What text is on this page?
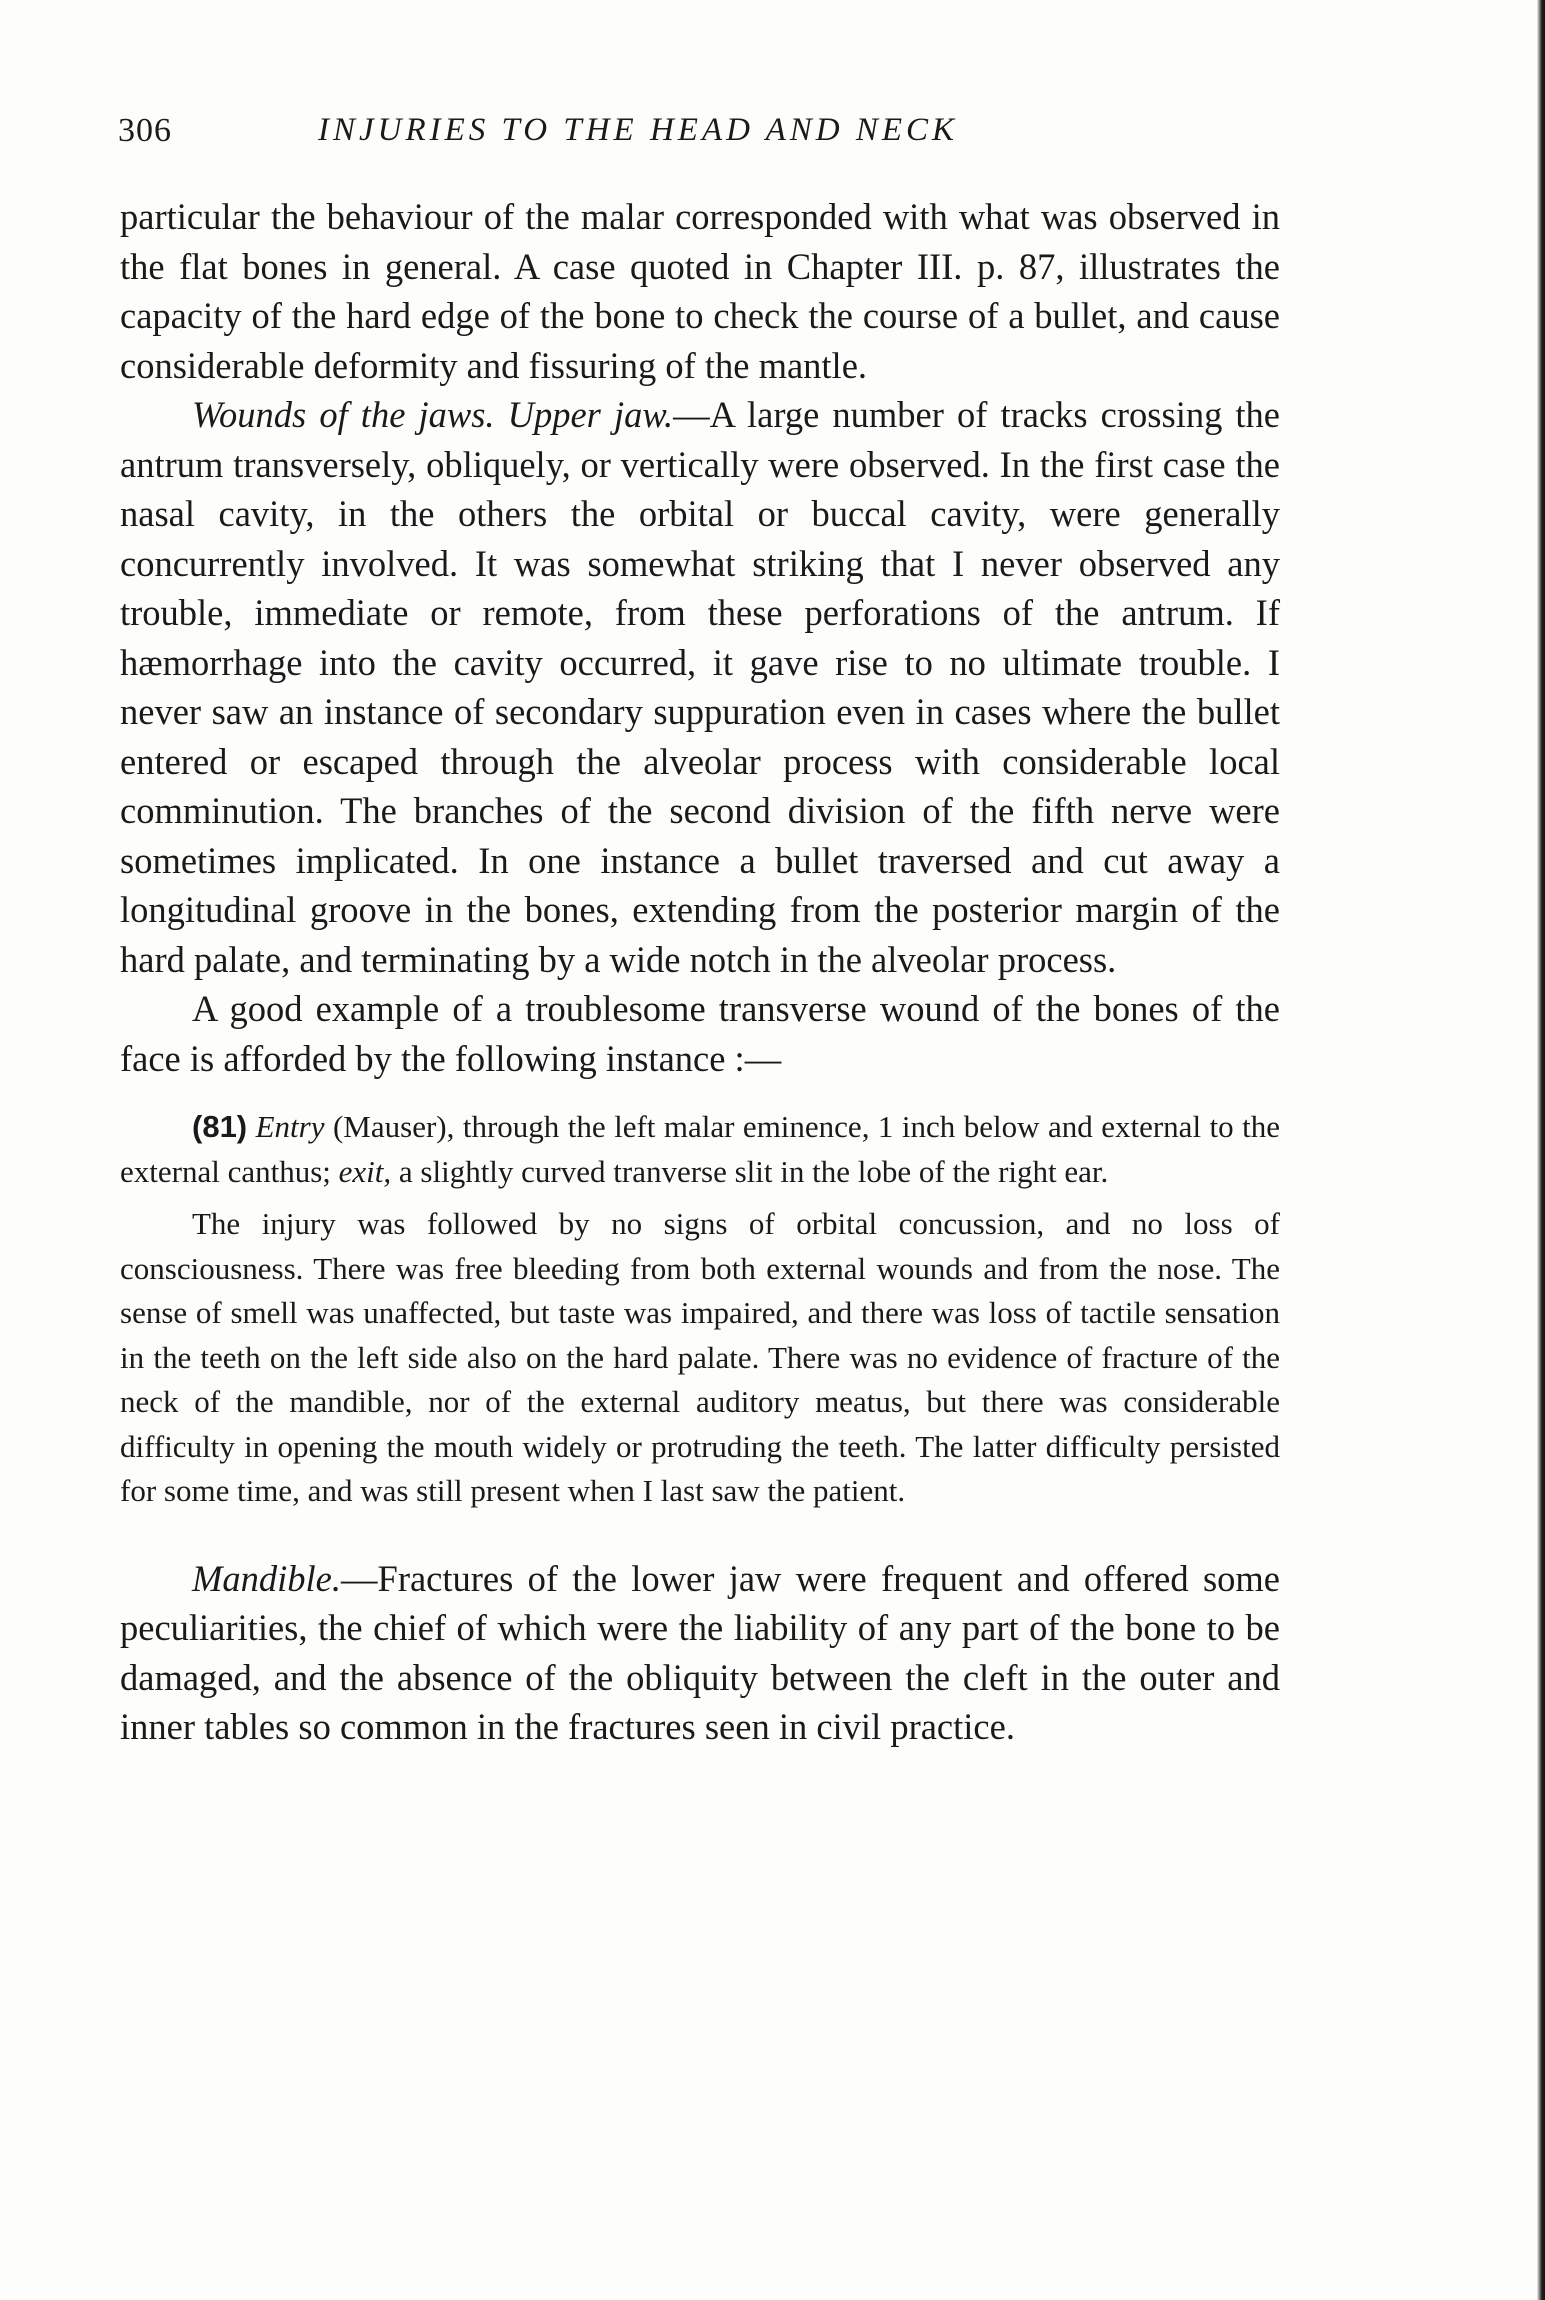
306	INJURIES TO THE HEAD AND NECK

particular the behaviour of the malar corresponded with what was observed in the flat bones in general. A case quoted in Chapter III. p. 87, illustrates the capacity of the hard edge of the bone to check the course of a bullet, and cause considerable deformity and fissuring of the mantle.

Wounds of the jaws. Upper jaw.—A large number of tracks crossing the antrum transversely, obliquely, or vertically were observed. In the first case the nasal cavity, in the others the orbital or buccal cavity, were generally concurrently involved. It was somewhat striking that I never observed any trouble, immediate or remote, from these perforations of the antrum. If hæmorrhage into the cavity occurred, it gave rise to no ultimate trouble. I never saw an instance of secondary suppuration even in cases where the bullet entered or escaped through the alveolar process with considerable local comminution. The branches of the second division of the fifth nerve were sometimes implicated. In one instance a bullet traversed and cut away a longitudinal groove in the bones, extending from the posterior margin of the hard palate, and terminating by a wide notch in the alveolar process.

A good example of a troublesome transverse wound of the bones of the face is afforded by the following instance :—

(81) Entry (Mauser), through the left malar eminence, 1 inch below and external to the external canthus; exit, a slightly curved tranverse slit in the lobe of the right ear.

The injury was followed by no signs of orbital concussion, and no loss of consciousness. There was free bleeding from both external wounds and from the nose. The sense of smell was unaffected, but taste was impaired, and there was loss of tactile sensation in the teeth on the left side also on the hard palate. There was no evidence of fracture of the neck of the mandible, nor of the external auditory meatus, but there was considerable difficulty in opening the mouth widely or protruding the teeth. The latter difficulty persisted for some time, and was still present when I last saw the patient.

Mandible.—Fractures of the lower jaw were frequent and offered some peculiarities, the chief of which were the liability of any part of the bone to be damaged, and the absence of the obliquity between the cleft in the outer and inner tables so common in the fractures seen in civil practice.
